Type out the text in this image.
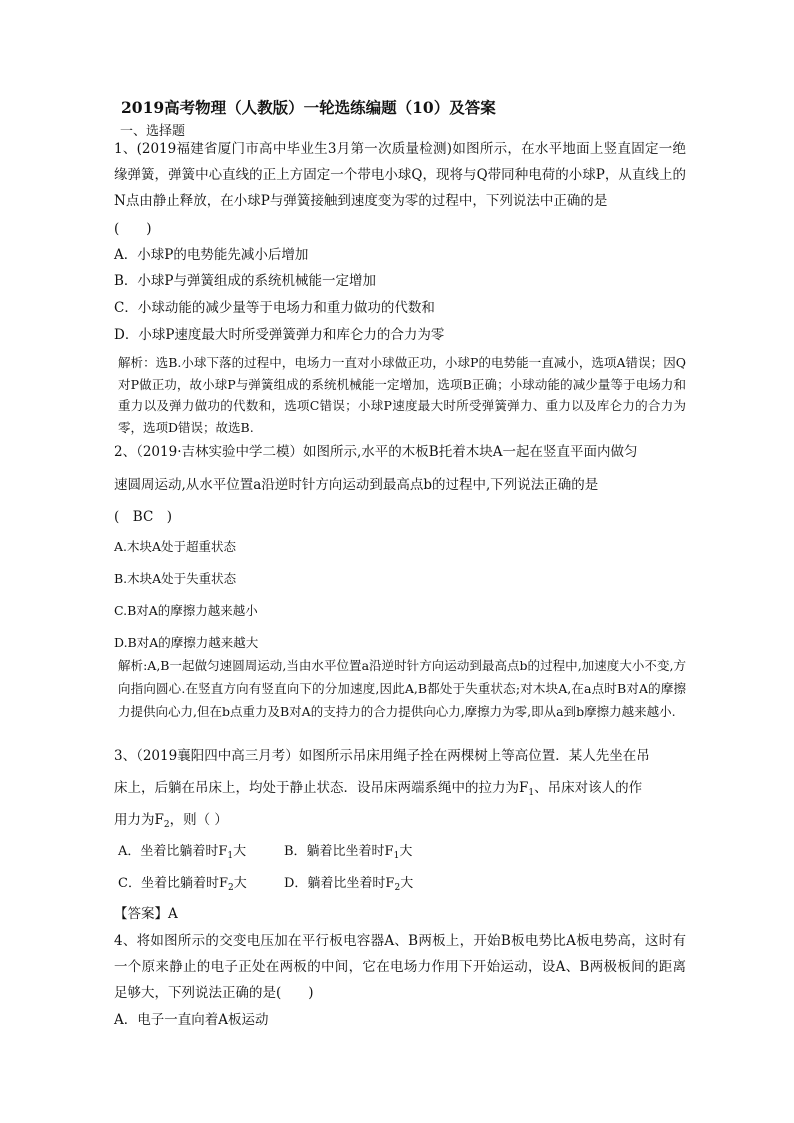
2019高考物理（人教版）一轮选练编题（10）及答案
一、选择题

1、(2019福建省厦门市高中毕业生3月第一次质量检测)如图所示，在水平地面上竖直固定一绝缘弹簧，弹簧中心直线的正上方固定一个带电小球Q，现将与Q带同种电荷的小球P，从直线上的N点由静止释放，在小球P与弹簧接触到速度变为零的过程中，下列说法中正确的是

(　　)
A．小球P的电势能先减小后增加
B．小球P与弹簧组成的系统机械能一定增加
C．小球动能的减少量等于电场力和重力做功的代数和
D．小球P速度最大时所受弹簧弹力和库仑力的合力为零

解析：选B.小球下落的过程中，电场力一直对小球做正功，小球P的电势能一直减小，选项A错误；因Q对P做正功，故小球P与弹簧组成的系统机械能一定增加，选项B正确；小球动能的减少量等于电场力和重力以及弹力做功的代数和，选项C错误；小球P速度最大时所受弹簧弹力、重力以及库仑力的合力为零，选项D错误；故选B.

2、（2019·吉林实验中学二模）如图所示,水平的木板B托着木块A一起在竖直平面内做匀
速圆周运动,从水平位置a沿逆时针方向运动到最高点b的过程中,下列说法正确的是
(　BC　)
A.木块A处于超重状态
B.木块A处于失重状态
C.B对A的摩擦力越来越小
D.B对A的摩擦力越来越大

解析:A,B一起做匀速圆周运动,当由水平位置a沿逆时针方向运动到最高点b的过程中,加速度大小不变,方向指向圆心.在竖直方向有竖直向下的分加速度,因此A,B都处于失重状态;对木块A,在a点时B对A的摩擦力提供向心力,但在b点重力及B对A的支持力的合力提供向心力,摩擦力为零,即从a到b摩擦力越来越小.

3、（2019襄阳四中高三月考）如图所示吊床用绳子拴在两棵树上等高位置．某人先坐在吊
床上，后躺在吊床上，均处于静止状态．设吊床两端系绳中的拉力为$F_1$、吊床对该人的作
用力为$F_2$，则（ ）
A．坐着比躺着时$F_1$大	B．躺着比坐着时$F_1$大
C．坐着比躺着时$F_2$大	D．躺着比坐着时$F_2$大
【答案】A

4、将如图所示的交变电压加在平行板电容器A、B两板上，开始B板电势比A板电势高，这时有一个原来静止的电子正处在两板的中间，它在电场力作用下开始运动，设A、B两极板间的距离足够大，下列说法正确的是(　　)

A．电子一直向着A板运动
